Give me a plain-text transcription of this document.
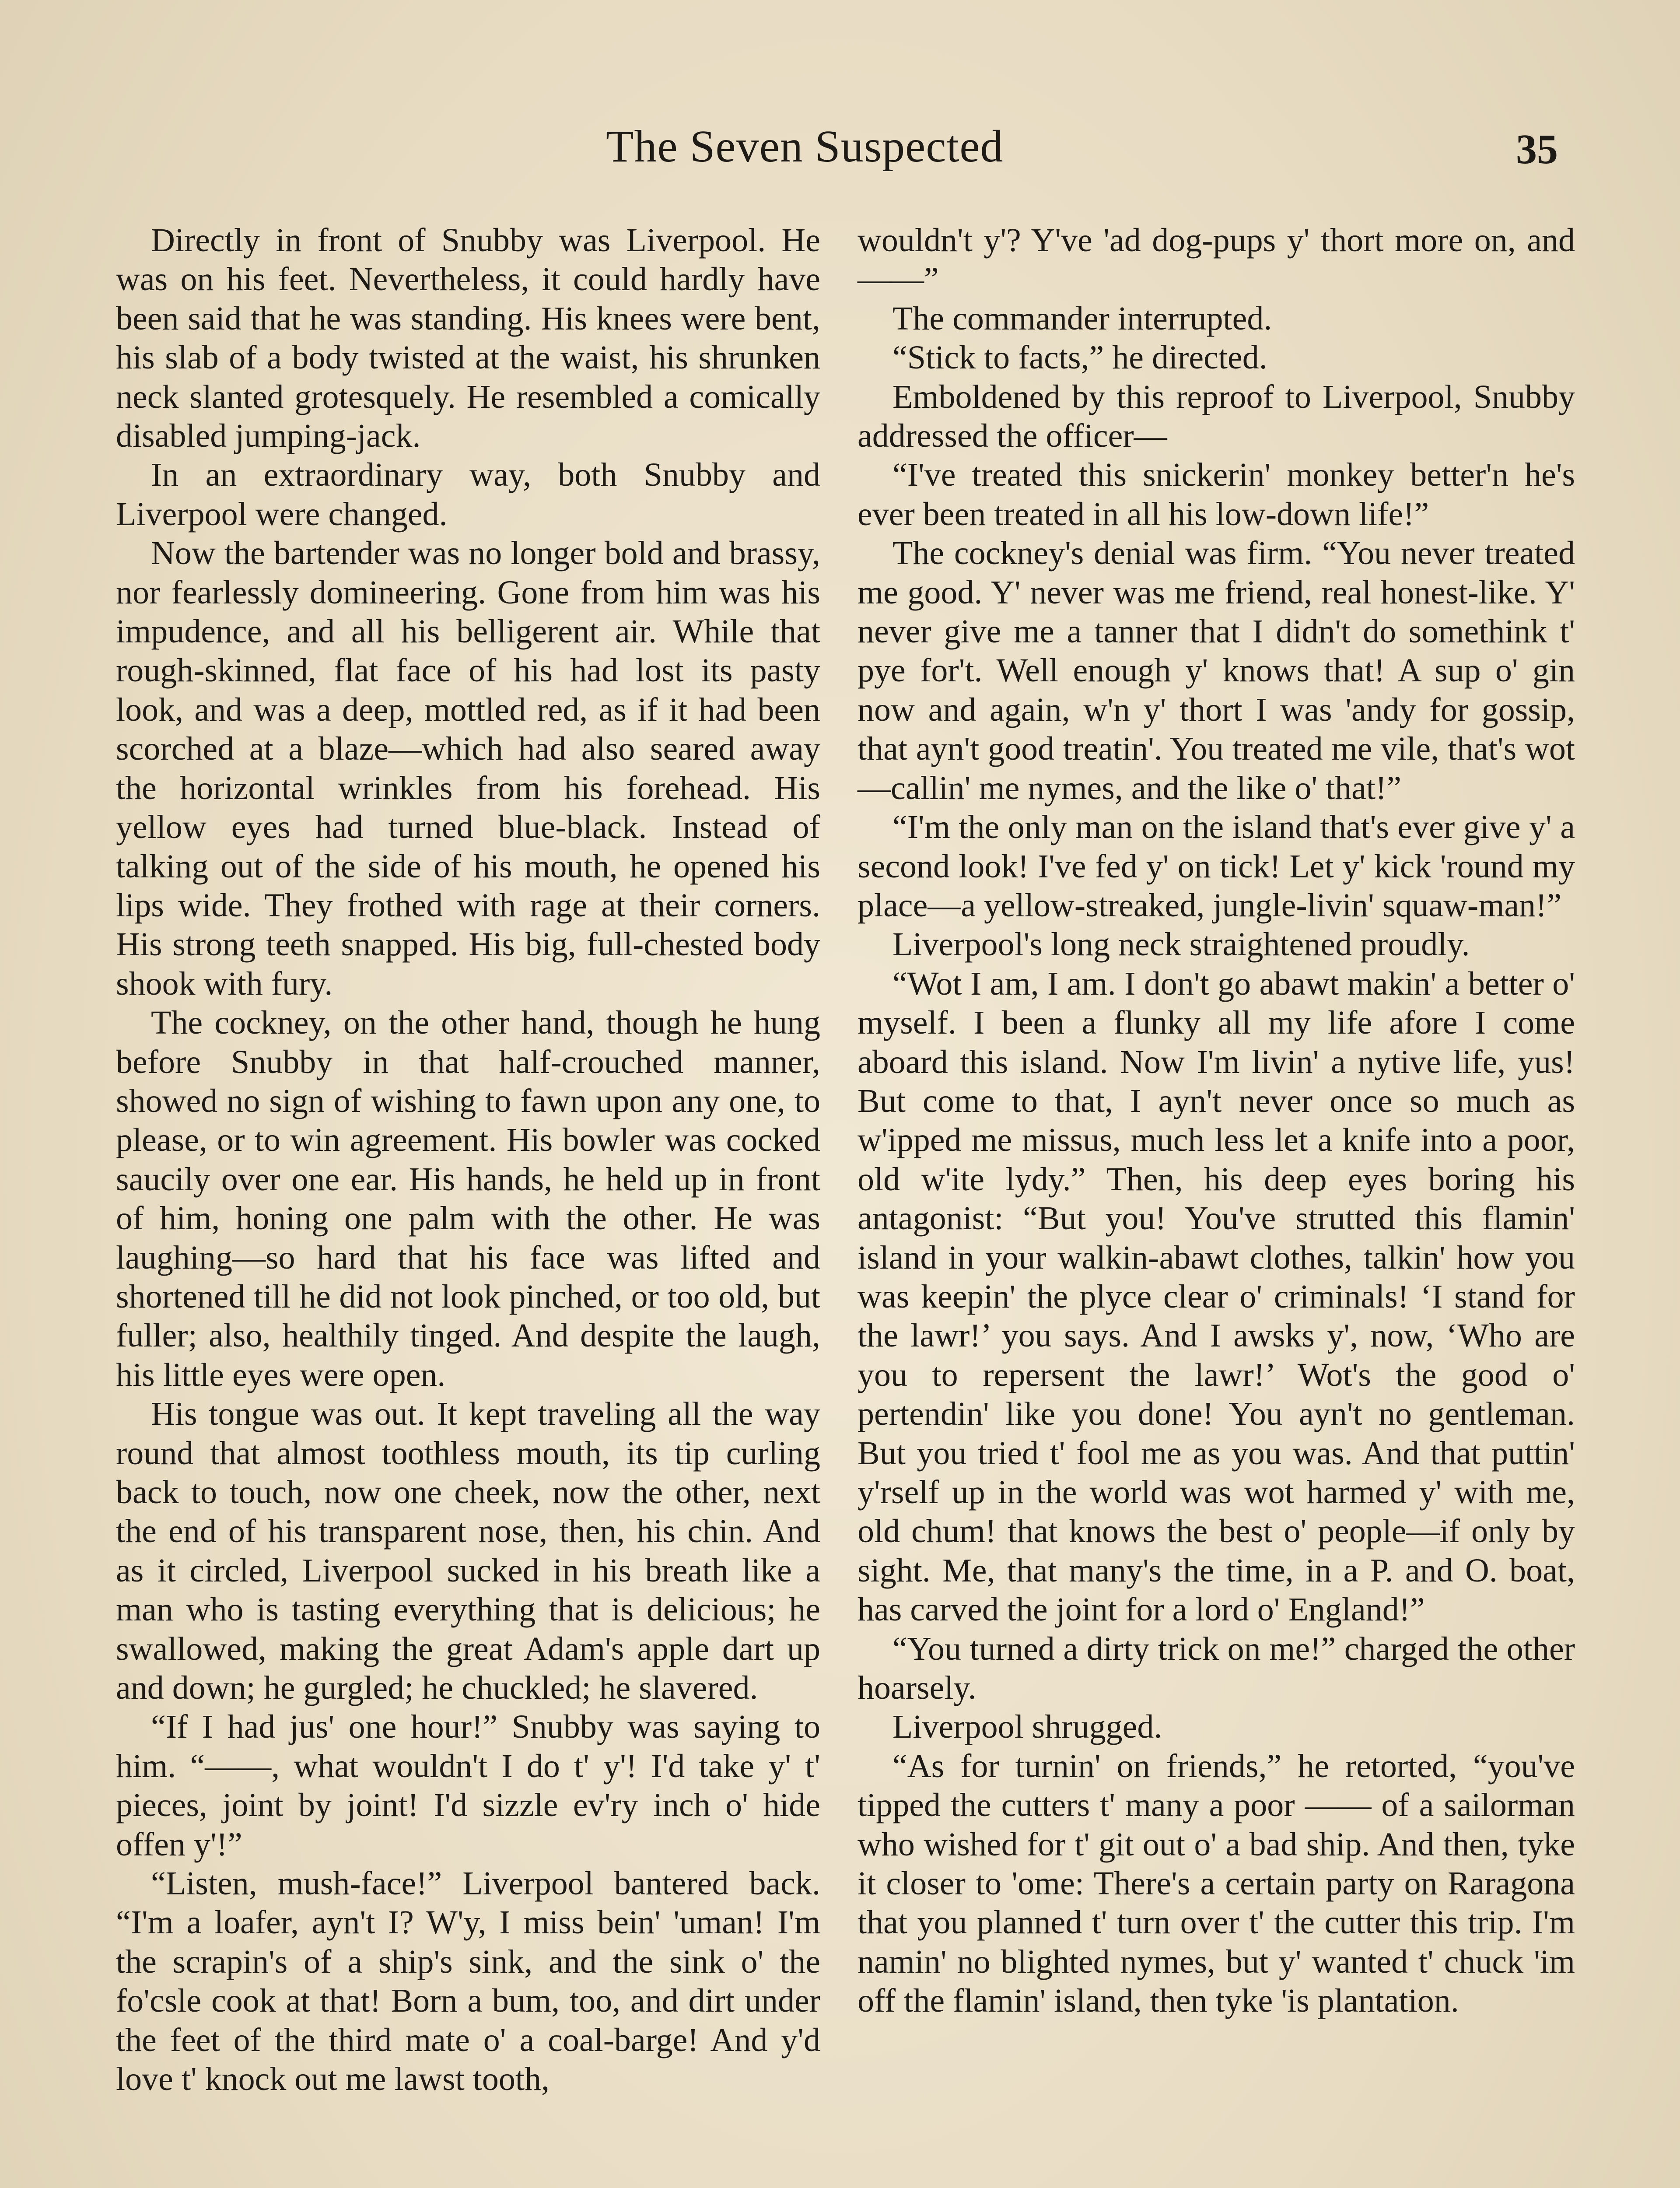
The Seven Suspected	35

Directly in front of Snubby was Liverpool. He was on his feet. Nevertheless, it could hardly have been said that he was standing. His knees were bent, his slab of a body twisted at the waist, his shrunken neck slanted grotesquely. He resembled a comically disabled jumping-jack.

In an extraordinary way, both Snubby and Liverpool were changed.

Now the bartender was no longer bold and brassy, nor fearlessly domineering. Gone from him was his impudence, and all his belligerent air. While that rough-skinned, flat face of his had lost its pasty look, and was a deep, mottled red, as if it had been scorched at a blaze—which had also seared away the horizontal wrinkles from his forehead. His yellow eyes had turned blue-black. Instead of talking out of the side of his mouth, he opened his lips wide. They frothed with rage at their corners. His strong teeth snapped. His big, full-chested body shook with fury.

The cockney, on the other hand, though he hung before Snubby in that half-crouched manner, showed no sign of wishing to fawn upon any one, to please, or to win agreement. His bowler was cocked saucily over one ear. His hands, he held up in front of him, honing one palm with the other. He was laughing—so hard that his face was lifted and shortened till he did not look pinched, or too old, but fuller; also, healthily tinged. And despite the laugh, his little eyes were open.

His tongue was out. It kept traveling all the way round that almost toothless mouth, its tip curling back to touch, now one cheek, now the other, next the end of his transparent nose, then, his chin. And as it circled, Liverpool sucked in his breath like a man who is tasting everything that is delicious; he swallowed, making the great Adam's apple dart up and down; he gurgled; he chuckled; he slavered.

“If I had jus' one hour!” Snubby was saying to him. “——, what wouldn't I do t' y'! I'd take y' t' pieces, joint by joint! I'd sizzle ev'ry inch o' hide offen y'!”

“Listen, mush-face!” Liverpool bantered back. “I'm a loafer, ayn't I? W'y, I miss bein' 'uman! I'm the scrapin's of a ship's sink, and the sink o' the fo'csle cook at that! Born a bum, too, and dirt under the feet of the third mate o' a coal-barge! And y'd love t' knock out me lawst tooth,

wouldn't y'? Y've 'ad dog-pups y' thort more on, and——”

The commander interrupted.

“Stick to facts,” he directed.

Emboldened by this reproof to Liverpool, Snubby addressed the officer—

“I've treated this snickerin' monkey better'n he's ever been treated in all his low-down life!”

The cockney's denial was firm. “You never treated me good. Y' never was me friend, real honest-like. Y' never give me a tanner that I didn't do somethink t' pye for't. Well enough y' knows that! A sup o' gin now and again, w'n y' thort I was 'andy for gossip, that ayn't good treatin'. You treated me vile, that's wot—callin' me nymes, and the like o' that!”

“I'm the only man on the island that's ever give y' a second look! I've fed y' on tick! Let y' kick 'round my place—a yellow-streaked, jungle-livin' squaw-man!”

Liverpool's long neck straightened proudly.

“Wot I am, I am. I don't go abawt makin' a better o' myself. I been a flunky all my life afore I come aboard this island. Now I'm livin' a nytive life, yus! But come to that, I ayn't never once so much as w'ipped me missus, much less let a knife into a poor, old w'ite lydy.” Then, his deep eyes boring his antagonist: “But you! You've strutted this flamin' island in your walkin-abawt clothes, talkin' how you was keepin' the plyce clear o' criminals! ‘I stand for the lawr!’ you says. And I awsks y', now, ‘Who are you to repersent the lawr!’ Wot's the good o' pertendin' like you done! You ayn't no gentleman. But you tried t' fool me as you was. And that puttin' y'rself up in the world was wot harmed y' with me, old chum! that knows the best o' people—if only by sight. Me, that many's the time, in a P. and O. boat, has carved the joint for a lord o' England!”

“You turned a dirty trick on me!” charged the other hoarsely.

Liverpool shrugged.

“As for turnin' on friends,” he retorted, “you've tipped the cutters t' many a poor —— of a sailorman who wished for t' git out o' a bad ship. And then, tyke it closer to 'ome: There's a certain party on Raragona that you planned t' turn over t' the cutter this trip. I'm namin' no blighted nymes, but y' wanted t' chuck 'im off the flamin' island, then tyke 'is plantation.
